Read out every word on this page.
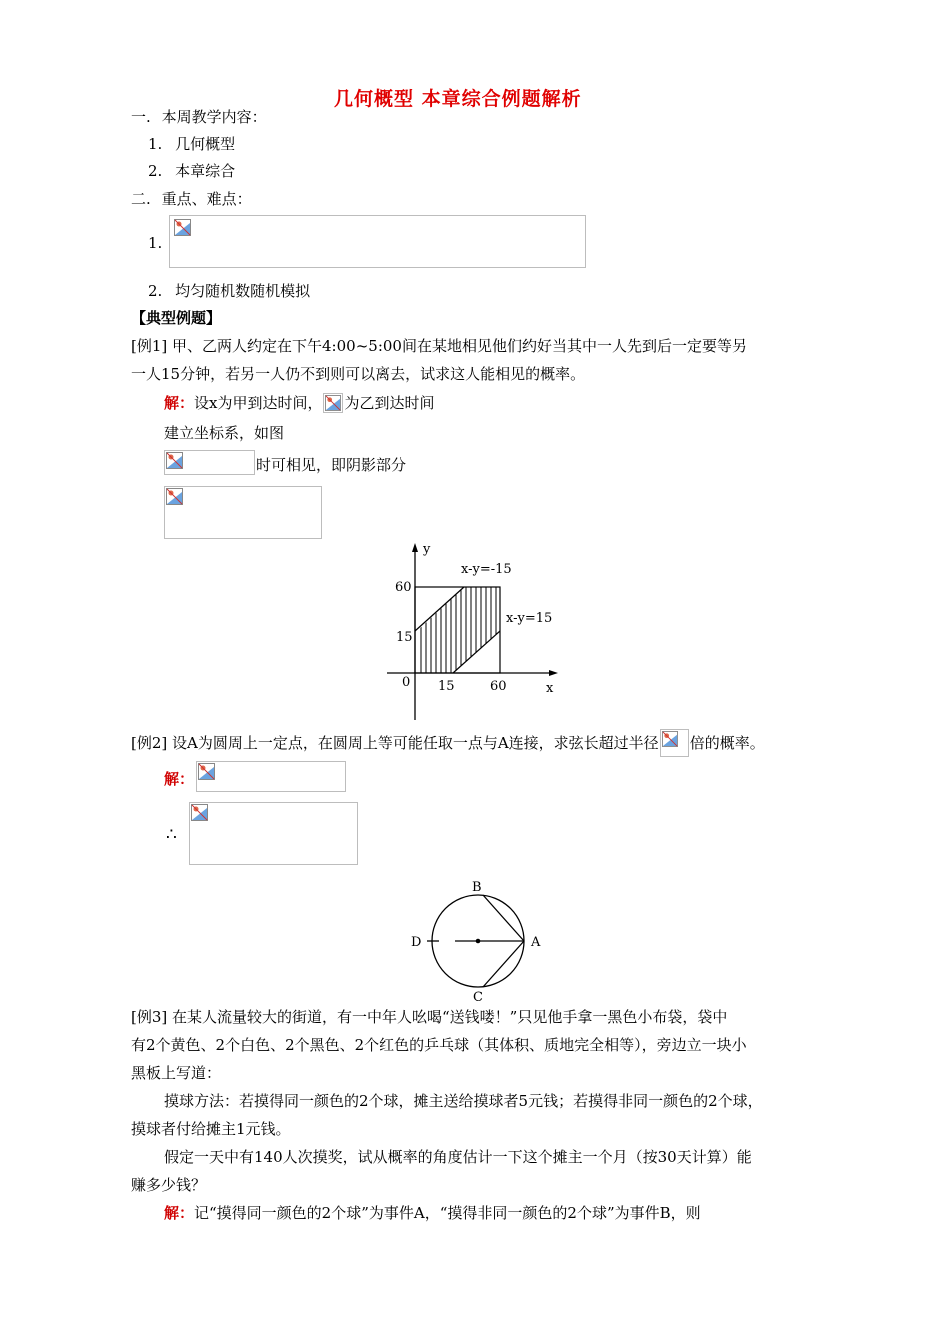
几何概型 本章综合例题解析
一. 本周教学内容：
1. 几何概型
2. 本章综合
二. 重点、难点：
1.
2. 均匀随机数随机模拟
【典型例题】
[例1] 甲、乙两人约定在下午4:00~5:00间在某地相见他们约好当其中一人先到后一定要等另
一人15分钟，若另一人仍不到则可以离去，试求这人能相见的概率。
解：设x为甲到达时间， 为乙到达时间
建立坐标系，如图
时可相见，即阴影部分
y
x
0
60
15
15	60
x-y=-15
x-y=15
[例2] 设A为圆周上一定点，在圆周上等可能任取一点与A连接，求弦长超过半径 倍的概率。
解：
∴
B
C
D	A
[例3] 在某人流量较大的街道，有一中年人吆喝“送钱喽！”只见他手拿一黑色小布袋，袋中
有2个黄色、2个白色、2个黑色、2个红色的乒乓球（其体积、质地完全相等），旁边立一块小
黑板上写道：
摸球方法：若摸得同一颜色的2个球，摊主送给摸球者5元钱；若摸得非同一颜色的2个球，
摸球者付给摊主1元钱。
假定一天中有140人次摸奖，试从概率的角度估计一下这个摊主一个月（按30天计算）能
赚多少钱？
解：记“摸得同一颜色的2个球”为事件A，“摸得非同一颜色的2个球”为事件B，则
